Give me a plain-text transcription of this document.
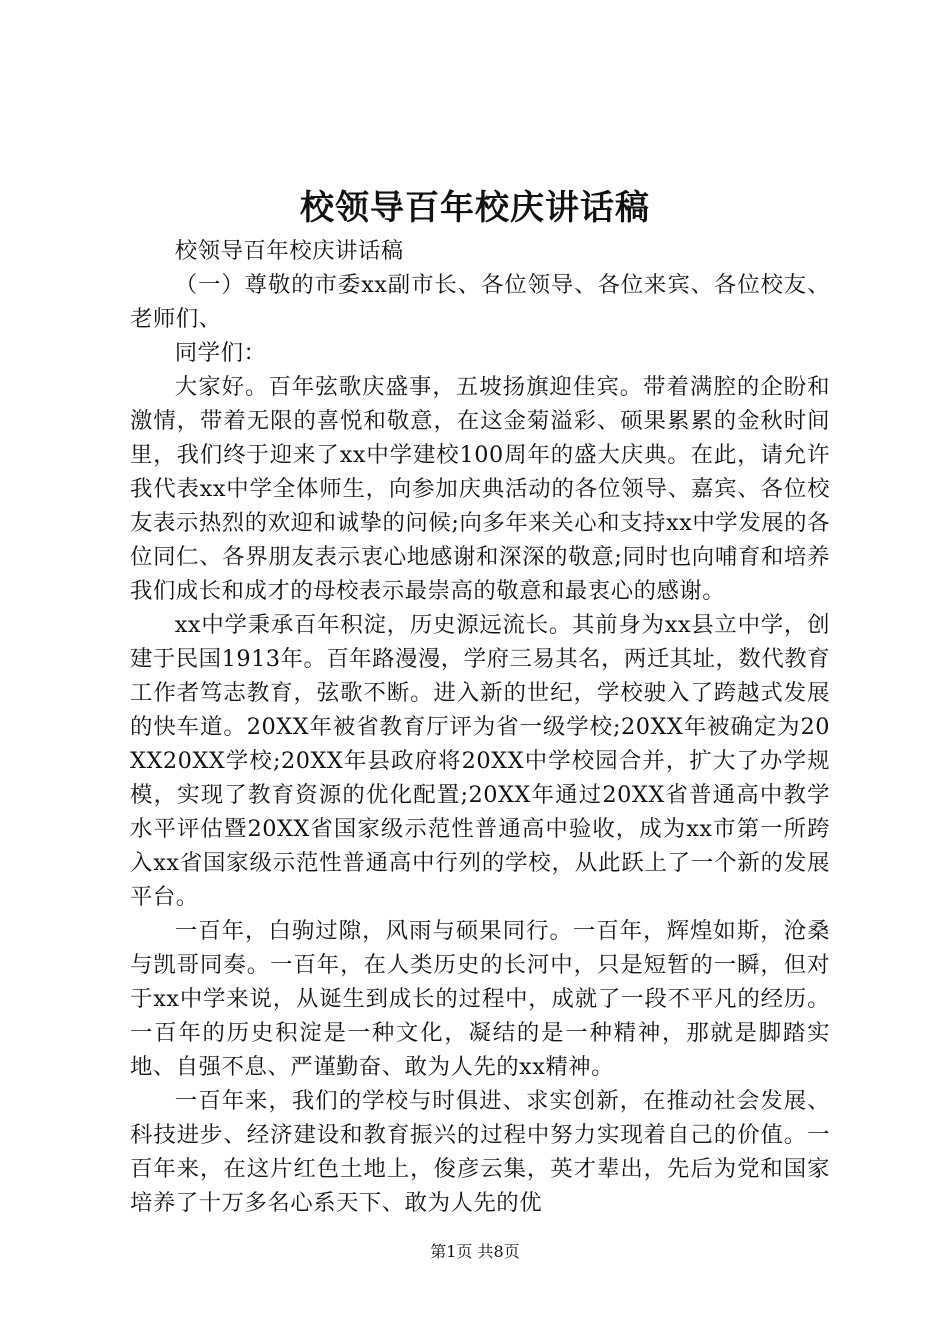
校领导百年校庆讲话稿

校领导百年校庆讲话稿

（一）尊敬的市委xx副市长、各位领导、各位来宾、各位校友、老师们、

同学们：

大家好。百年弦歌庆盛事，五坡扬旗迎佳宾。带着满腔的企盼和激情，带着无限的喜悦和敬意，在这金菊溢彩、硕果累累的金秋时间里，我们终于迎来了xx中学建校100周年的盛大庆典。在此，请允许我代表xx中学全体师生，向参加庆典活动的各位领导、嘉宾、各位校友表示热烈的欢迎和诚挚的问候;向多年来关心和支持xx中学发展的各位同仁、各界朋友表示衷心地感谢和深深的敬意;同时也向哺育和培养我们成长和成才的母校表示最崇高的敬意和最衷心的感谢。

xx中学秉承百年积淀，历史源远流长。其前身为xx县立中学，创建于民国1913年。百年路漫漫，学府三易其名，两迁其址，数代教育工作者笃志教育，弦歌不断。进入新的世纪，学校驶入了跨越式发展的快车道。20XX年被省教育厅评为省一级学校;20XX年被确定为20XX20XX学校;20XX年县政府将20XX中学校园合并，扩大了办学规模，实现了教育资源的优化配置;20XX年通过20XX省普通高中教学水平评估暨20XX省国家级示范性普通高中验收，成为xx市第一所跨入xx省国家级示范性普通高中行列的学校，从此跃上了一个新的发展平台。

一百年，白驹过隙，风雨与硕果同行。一百年，辉煌如斯，沧桑与凯哥同奏。一百年，在人类历史的长河中，只是短暂的一瞬，但对于xx中学来说，从诞生到成长的过程中，成就了一段不平凡的经历。一百年的历史积淀是一种文化，凝结的是一种精神，那就是脚踏实地、自强不息、严谨勤奋、敢为人先的xx精神。

一百年来，我们的学校与时俱进、求实创新，在推动社会发展、科技进步、经济建设和教育振兴的过程中努力实现着自己的价值。一百年来，在这片红色土地上，俊彦云集，英才辈出，先后为党和国家培养了十万多名心系天下、敢为人先的优

第1页 共8页
